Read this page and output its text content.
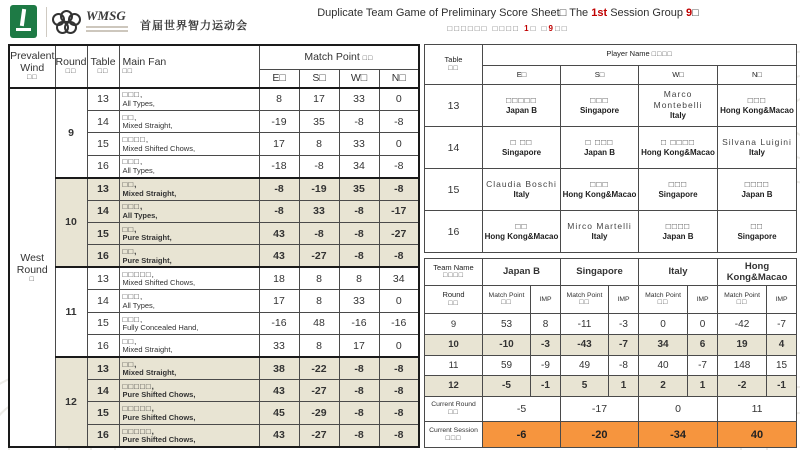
WMSG
首届世界智力运动会
Duplicate Team Game of Preliminary Score Sheet□ The 1st Session Group 9□
□□□□□□ □□□□ 1□ □9□□
Prevalent Wind
□□

Round
□□

Table
□□

Main Fan
□□
	Match Point □□
				E□	S□	W□	N□

West Round
□
	9	13	□□□,
All Types,	8	17	33	0
		14	□□,
Mixed Straight,	-19	35	-8	-8
		15	□□□□,
Mixed Shifted Chows,	17	8	33	0
		16	□□□,
All Types,	-18	-8	34	-8
	10	13	□□,
Mixed Straight,	-8	-19	35	-8
		14	□□□,
All Types,	-8	33	-8	-17
		15	□□,
Pure Straight,	43	-8	-8	-27
		16	□□,
Pure Straight,	43	-27	-8	-8
	11	13	□□□□□,
Mixed Shifted Chows,	18	8	8	34
		14	□□□,
All Types,	17	8	33	0
		15	□□□,
Fully Concealed Hand,	-16	48	-16	-16
		16	□□,
Mixed Straight,	33	8	17	0
	12	13	□□,
Mixed Straight,	38	-22	-8	-8
		14	□□□□□,
Pure Shifted Chows,	43	-27	-8	-8
		15	□□□□□,
Pure Shifted Chows,	45	-29	-8	-8
		16	□□□□□,
Pure Shifted Chows,	43	-27	-8	-8
Table
□□	Player Name □□□□			
	E□	S□	W□	N□
13	□□□□□
Japan B

□□□
Singapore

Marco Montebelli
Italy

□□□
Hong Kong&Macao

14	□ □□
Singapore

□ □□□
Japan B

□ □□□□
Hong Kong&Macao

Silvana Luigini
Italy

15	Claudia Boschi
Italy

□□□
Hong Kong&Macao

□□□
Singapore

□□□□
Japan B

16	□□
Hong Kong&Macao

Mirco Martelli
Italy

□□□□
Japan B

□□
Singapore
Team Name
□□□□	Japan B		Singapore		Italy		Hong Kong&Macao	

Round
□□

Match Point
□□
	IMP	
Match Point
□□
	IMP	
Match Point
□□
	IMP	
Match Point
□□
	IMP
9	53	8	-11	-3	0	0	-42	-7
10	-10	-3	-43	-7	34	6	19	4
11	59	-9	49	-8	40	-7	148	15
12	-5	-1	5	1	2	1	-2	-1

Current Round
□□	-5		-17		0		11	

Current Session
□□□	-6		-20		-34		40	
